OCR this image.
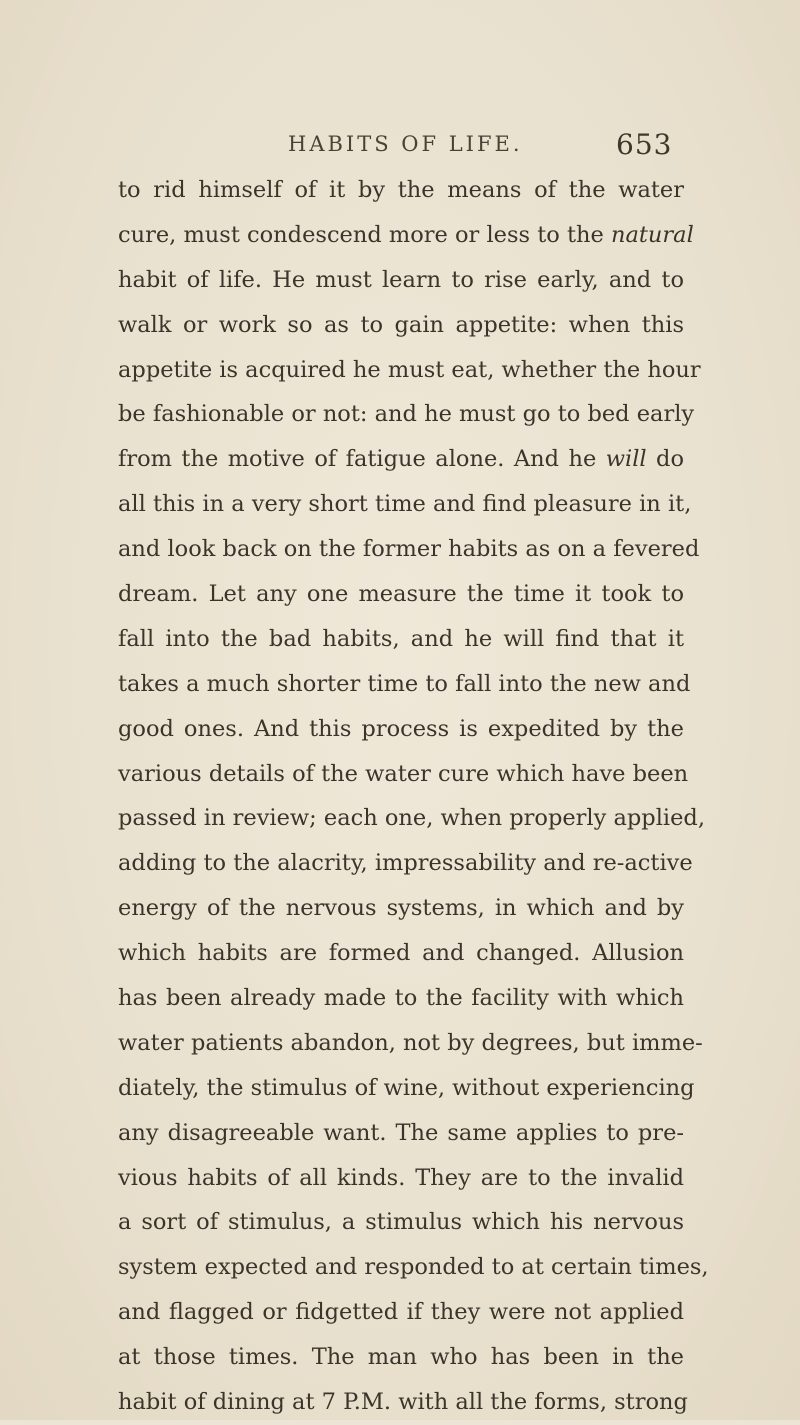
HABITS OF LIFE.	653
to rid himself of it by the means of the water
cure, must condescend more or less to the natural
habit of life. He must learn to rise early, and to
walk or work so as to gain appetite: when this
appetite is acquired he must eat, whether the hour
be fashionable or not: and he must go to bed early
from the motive of fatigue alone. And he will do
all this in a very short time and find pleasure in it,
and look back on the former habits as on a fevered
dream. Let any one measure the time it took to
fall into the bad habits, and he will find that it
takes a much shorter time to fall into the new and
good ones. And this process is expedited by the
various details of the water cure which have been
passed in review; each one, when properly applied,
adding to the alacrity, impressability and re-active
energy of the nervous systems, in which and by
which habits are formed and changed. Allusion
has been already made to the facility with which
water patients abandon, not by degrees, but imme-
diately, the stimulus of wine, without experiencing
any disagreeable want. The same applies to pre-
vious habits of all kinds. They are to the invalid
a sort of stimulus, a stimulus which his nervous
system expected and responded to at certain times,
and flagged or fidgetted if they were not applied
at those times. The man who has been in the
habit of dining at 7 P.M. with all the forms, strong
